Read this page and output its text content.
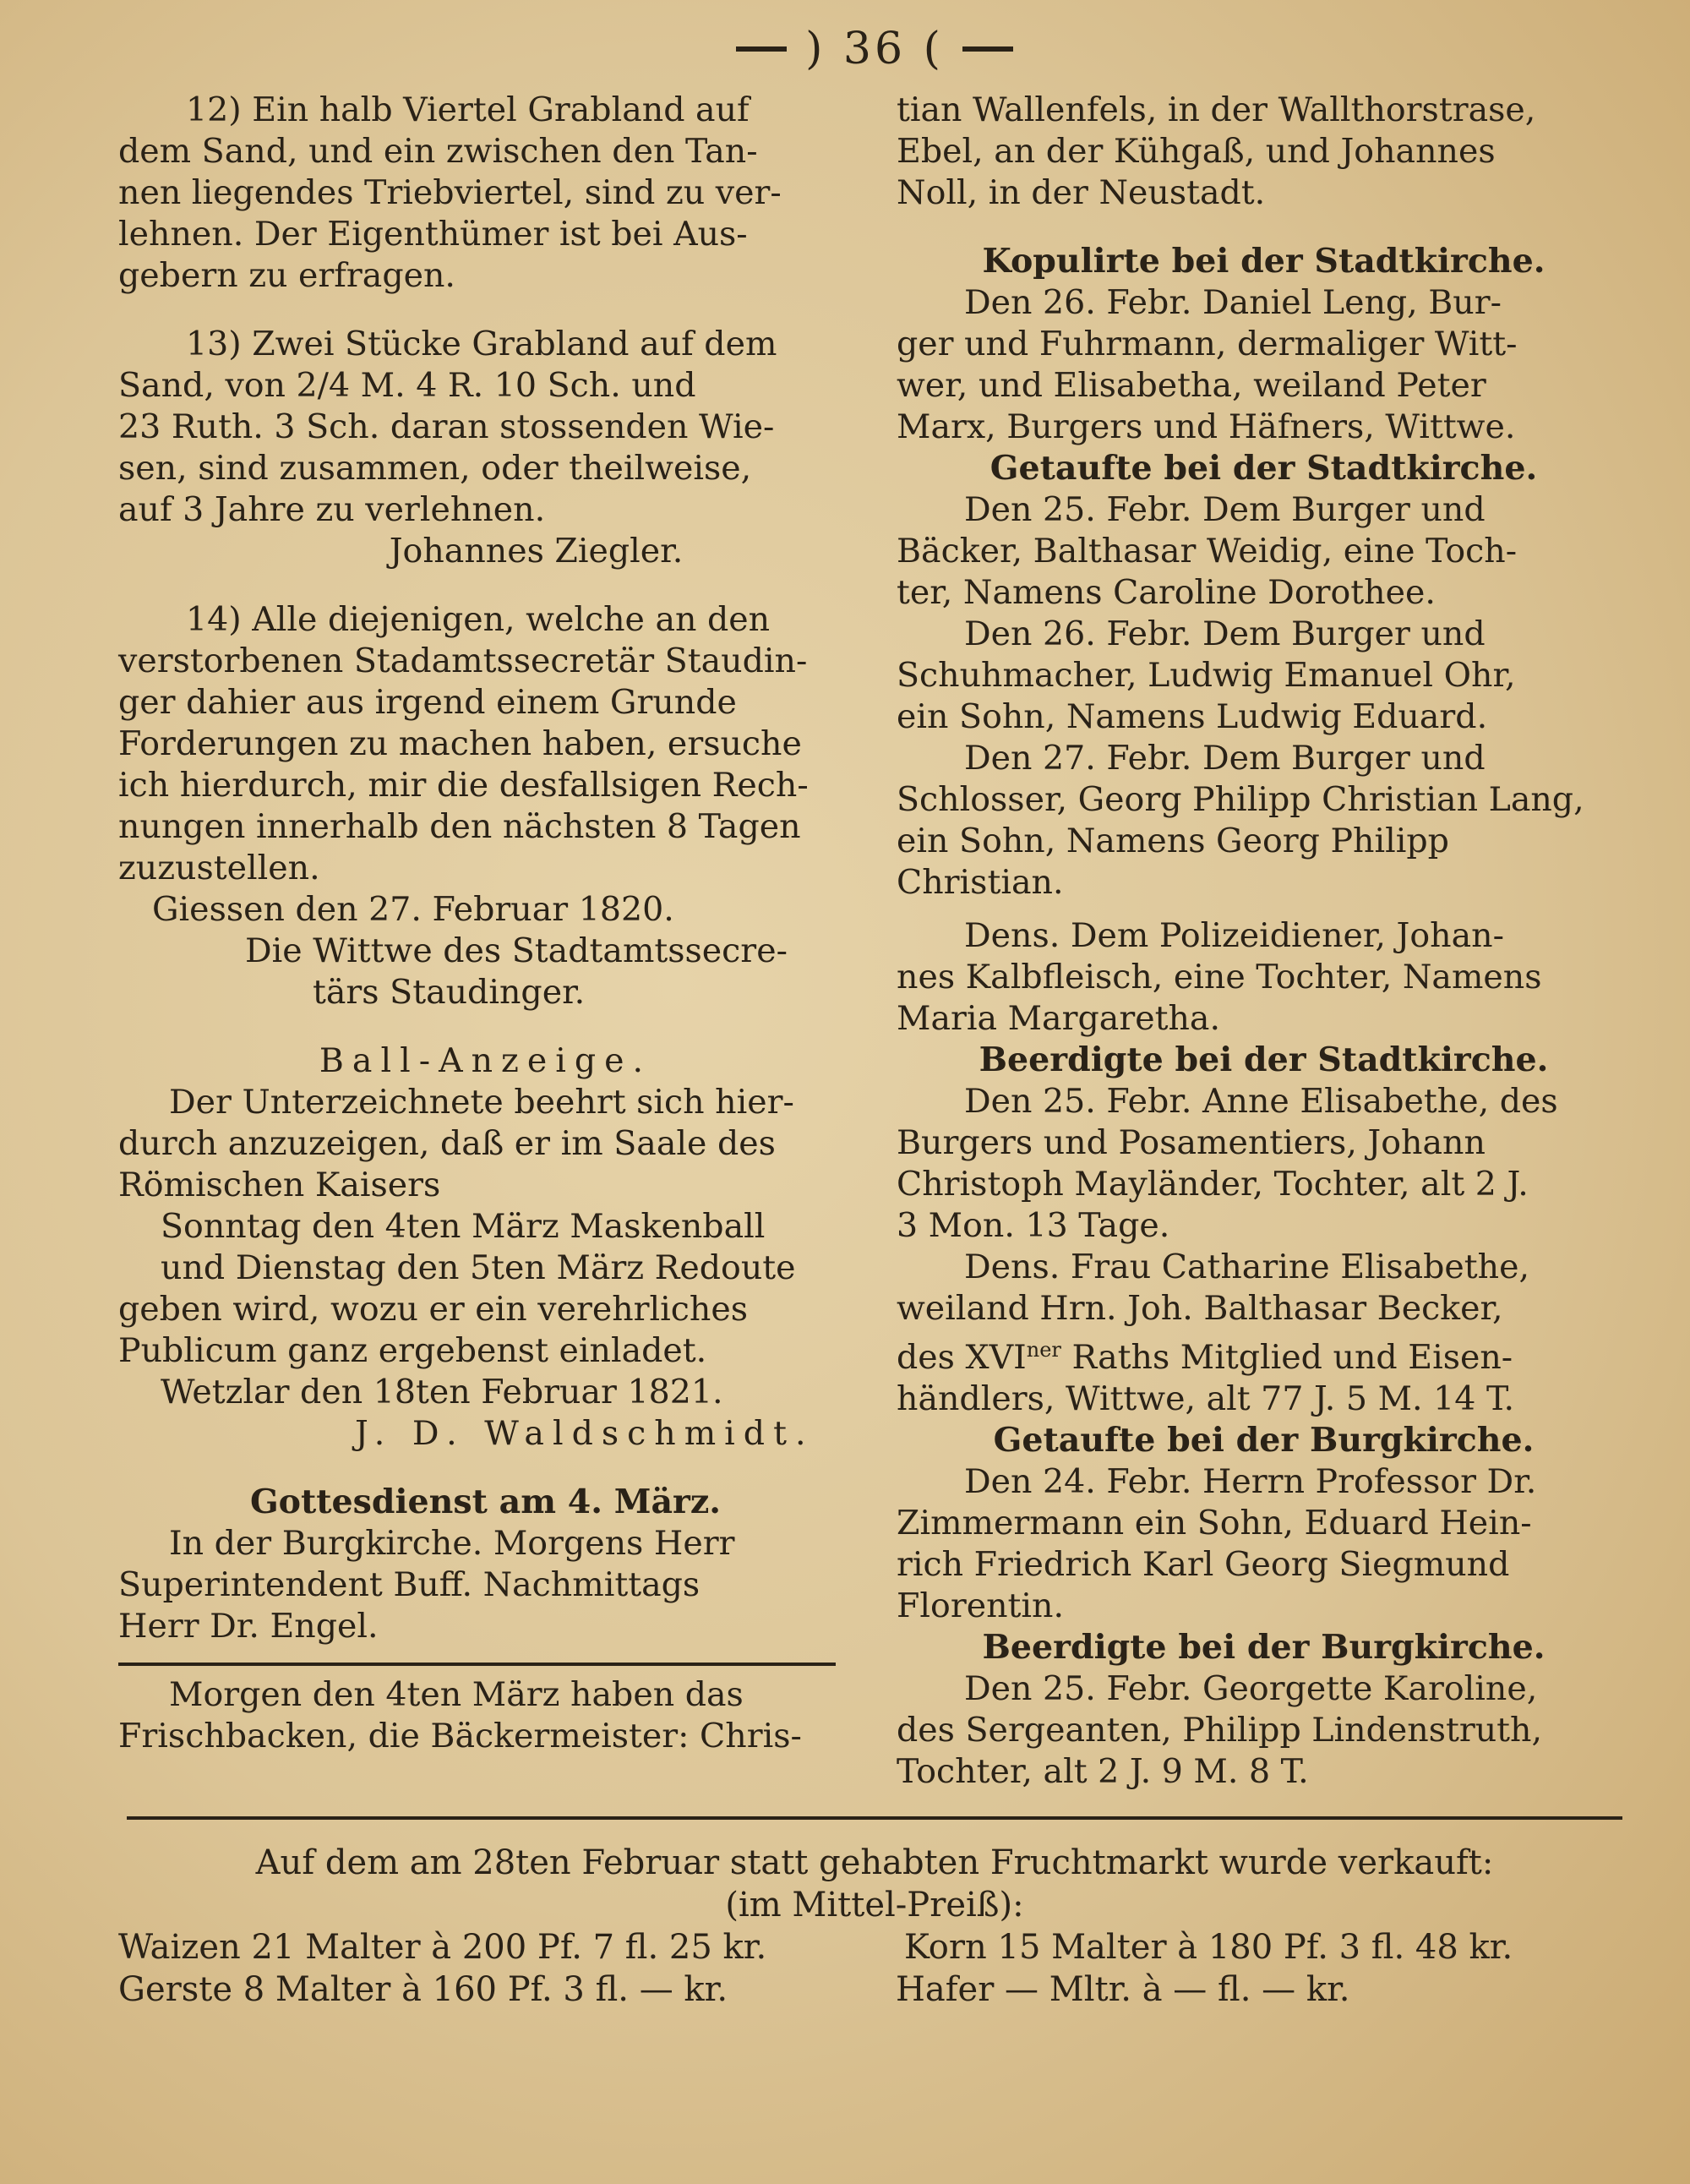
) 36 (

12) Ein halb Viertel Grabland auf

dem Sand, und ein zwischen den Tan-

nen liegendes Triebviertel, sind zu ver-

lehnen. Der Eigenthümer ist bei Aus-

gebern zu erfragen.

13) Zwei Stücke Grabland auf dem

Sand, von 2/4 M. 4 R. 10 Sch. und

23 Ruth. 3 Sch. daran stossenden Wie-

sen, sind zusammen, oder theilweise,

auf 3 Jahre zu verlehnen.

Johannes Ziegler.

14) Alle diejenigen, welche an den

verstorbenen Stadamtssecretär Staudin-

ger dahier aus irgend einem Grunde

Forderungen zu machen haben, ersuche

ich hierdurch, mir die desfallsigen Rech-

nungen innerhalb den nächsten 8 Tagen

zuzustellen.

Giessen den 27. Februar 1820.

Die Wittwe des Stadtamtssecre-

tärs Staudinger.

Ball-Anzeige.

Der Unterzeichnete beehrt sich hier-

durch anzuzeigen, daß er im Saale des

Römischen Kaisers

Sonntag den 4ten März Maskenball

und Dienstag den 5ten März Redoute

geben wird, wozu er ein verehrliches

Publicum ganz ergebenst einladet.

Wetzlar den 18ten Februar 1821.

J. D. Waldschmidt.

Gottesdienst am 4. März.

In der Burgkirche. Morgens Herr

Superintendent Buff. Nachmittags

Herr Dr. Engel.

Morgen den 4ten März haben das

Frischbacken, die Bäckermeister: Chris-

tian Wallenfels, in der Wallthorstrase,

Ebel, an der Kühgaß, und Johannes

Noll, in der Neustadt.

Kopulirte bei der Stadtkirche.

Den 26. Febr. Daniel Leng, Bur-

ger und Fuhrmann, dermaliger Witt-

wer, und Elisabetha, weiland Peter

Marx, Burgers und Häfners, Wittwe.

Getaufte bei der Stadtkirche.

Den 25. Febr. Dem Burger und

Bäcker, Balthasar Weidig, eine Toch-

ter, Namens Caroline Dorothee.

Den 26. Febr. Dem Burger und

Schuhmacher, Ludwig Emanuel Ohr,

ein Sohn, Namens Ludwig Eduard.

Den 27. Febr. Dem Burger und

Schlosser, Georg Philipp Christian Lang,

ein Sohn, Namens Georg Philipp

Christian.

Dens. Dem Polizeidiener, Johan-

nes Kalbfleisch, eine Tochter, Namens

Maria Margaretha.

Beerdigte bei der Stadtkirche.

Den 25. Febr. Anne Elisabethe, des

Burgers und Posamentiers, Johann

Christoph Mayländer, Tochter, alt 2 J.

3 Mon. 13 Tage.

Dens. Frau Catharine Elisabethe,

weiland Hrn. Joh. Balthasar Becker,

des $XVI^{ner}$ Raths Mitglied und Eisen-

händlers, Wittwe, alt 77 J. 5 M. 14 T.

Getaufte bei der Burgkirche.

Den 24. Febr. Herrn Professor Dr.

Zimmermann ein Sohn, Eduard Hein-

rich Friedrich Karl Georg Siegmund

Florentin.

Beerdigte bei der Burgkirche.

Den 25. Febr. Georgette Karoline,

des Sergeanten, Philipp Lindenstruth,

Tochter, alt 2 J. 9 M. 8 T.

Auf dem am 28ten Februar statt gehabten Fruchtmarkt wurde verkauft:

(im Mittel-Preiß):

Waizen 21 Malter à 200 Pf. 7 fl. 25 kr.	Korn 15 Malter à 180 Pf. 3 fl. 48 kr.
Gerste 8 Malter à 160 Pf. 3 fl. — kr.	Hafer — Mltr. à — fl. — kr.
